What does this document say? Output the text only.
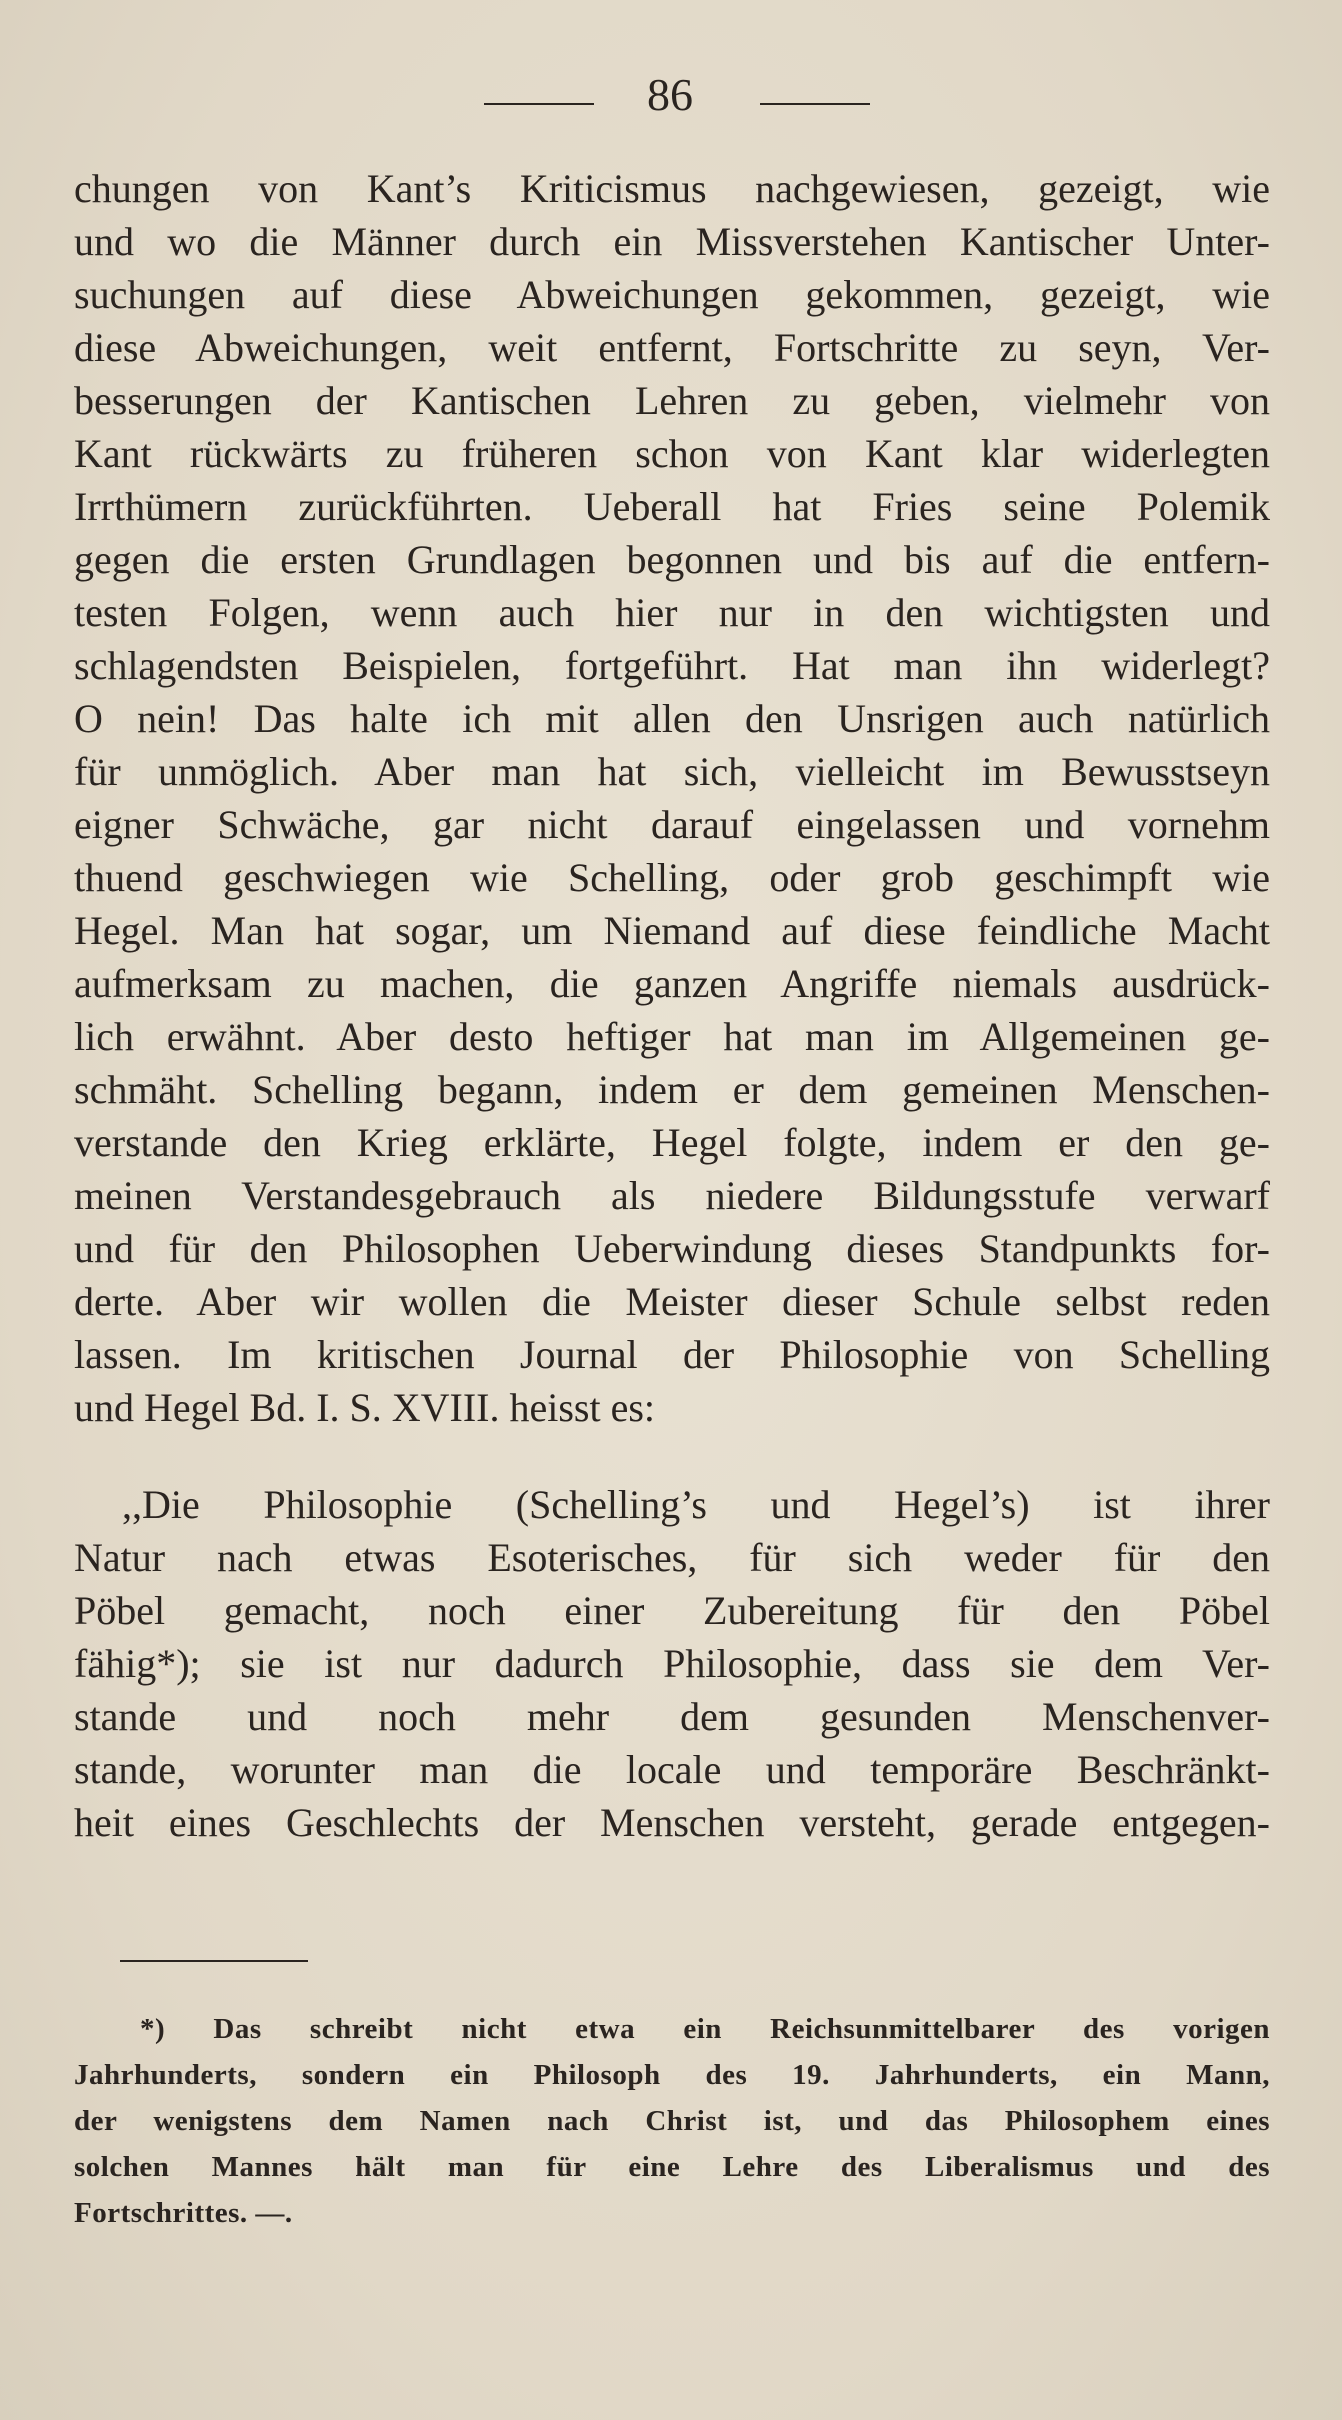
86
chungen von Kant’s Kriticismus nachgewiesen, gezeigt, wie
und wo die Männer durch ein Missverstehen Kantischer Unter-
suchungen auf diese Abweichungen gekommen, gezeigt, wie
diese Abweichungen, weit entfernt, Fortschritte zu seyn, Ver-
besserungen der Kantischen Lehren zu geben, vielmehr von
Kant rückwärts zu früheren schon von Kant klar widerlegten
Irrthümern zurückführten. Ueberall hat Fries seine Polemik
gegen die ersten Grundlagen begonnen und bis auf die entfern-
testen Folgen, wenn auch hier nur in den wichtigsten und
schlagendsten Beispielen, fortgeführt. Hat man ihn widerlegt?
O nein! Das halte ich mit allen den Unsrigen auch natürlich
für unmöglich. Aber man hat sich, vielleicht im Bewusstseyn
eigner Schwäche, gar nicht darauf eingelassen und vornehm
thuend geschwiegen wie Schelling, oder grob geschimpft wie
Hegel. Man hat sogar, um Niemand auf diese feindliche Macht
aufmerksam zu machen, die ganzen Angriffe niemals ausdrück-
lich erwähnt. Aber desto heftiger hat man im Allgemeinen ge-
schmäht. Schelling begann, indem er dem gemeinen Menschen-
verstande den Krieg erklärte, Hegel folgte, indem er den ge-
meinen Verstandesgebrauch als niedere Bildungsstufe verwarf
und für den Philosophen Ueberwindung dieses Standpunkts for-
derte. Aber wir wollen die Meister dieser Schule selbst reden
lassen. Im kritischen Journal der Philosophie von Schelling
und Hegel Bd. I. S. XVIII. heisst es:
,,Die Philosophie (Schelling’s und Hegel’s) ist ihrer
Natur nach etwas Esoterisches, für sich weder für den
Pöbel gemacht, noch einer Zubereitung für den Pöbel
fähig*); sie ist nur dadurch Philosophie, dass sie dem Ver-
stande und noch mehr dem gesunden Menschenver-
stande, worunter man die locale und temporäre Beschränkt-
heit eines Geschlechts der Menschen versteht, gerade entgegen-
*) Das schreibt nicht etwa ein Reichsunmittelbarer des vorigen
Jahrhunderts, sondern ein Philosoph des 19. Jahrhunderts, ein Mann,
der wenigstens dem Namen nach Christ ist, und das Philosophem eines
solchen Mannes hält man für eine Lehre des Liberalismus und des
Fortschrittes. —.
